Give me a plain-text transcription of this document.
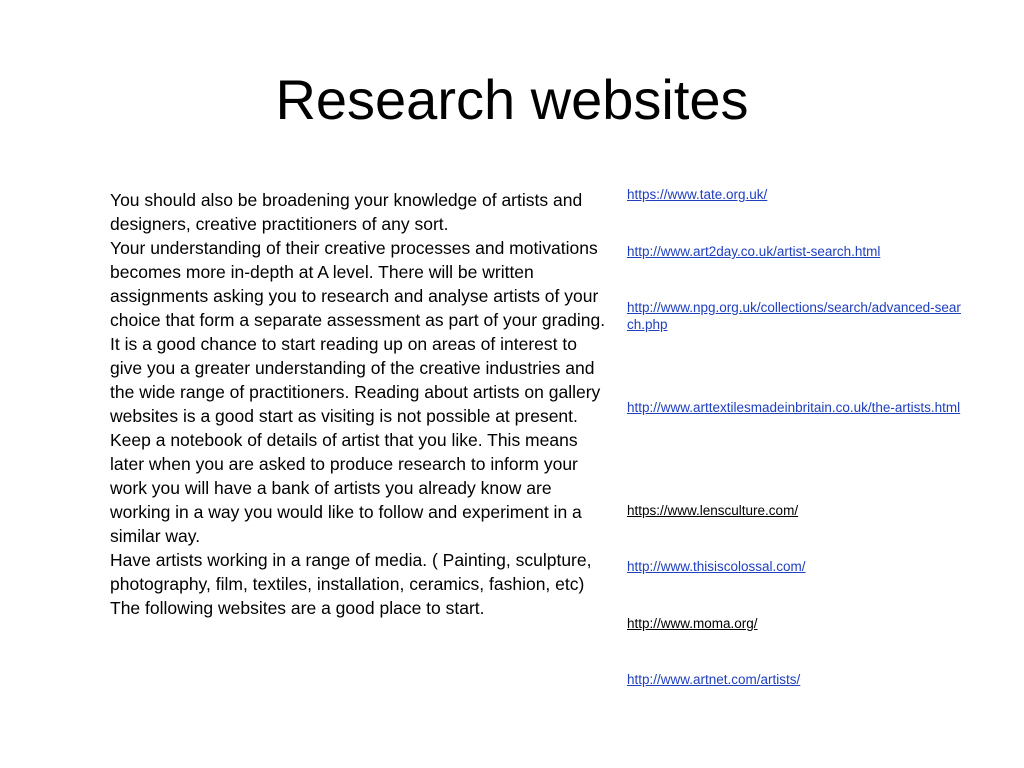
Research websites

You should also be broadening your knowledge of artists and designers, creative practitioners of any sort.

Your understanding of their creative processes and motivations becomes more in-depth at A level. There will be written assignments asking you to research and analyse artists of your choice that form a separate assessment as part of your grading. It is a good chance to start reading up on areas of interest to give you a greater understanding of the creative industries and the wide range of practitioners. Reading about artists on gallery websites is a good start as visiting is not possible at present. Keep a notebook of details of artist that you like. This means later when you are asked to produce research to inform your work you will have a bank of artists you already know are working in a way you would like to follow and experiment in a similar way.

Have artists working in a range of media. ( Painting, sculpture, photography, film, textiles, installation, ceramics, fashion, etc)

The following websites are a good place to start.

https://www.tate.org.uk/
http://www.art2day.co.uk/artist-search.html
http://www.npg.org.uk/collections/search/advanced-search.php
http://www.arttextilesmadeinbritain.co.uk/the-artists.html
https://www.lensculture.com/
http://www.thisiscolossal.com/
http://www.moma.org/
http://www.artnet.com/artists/
